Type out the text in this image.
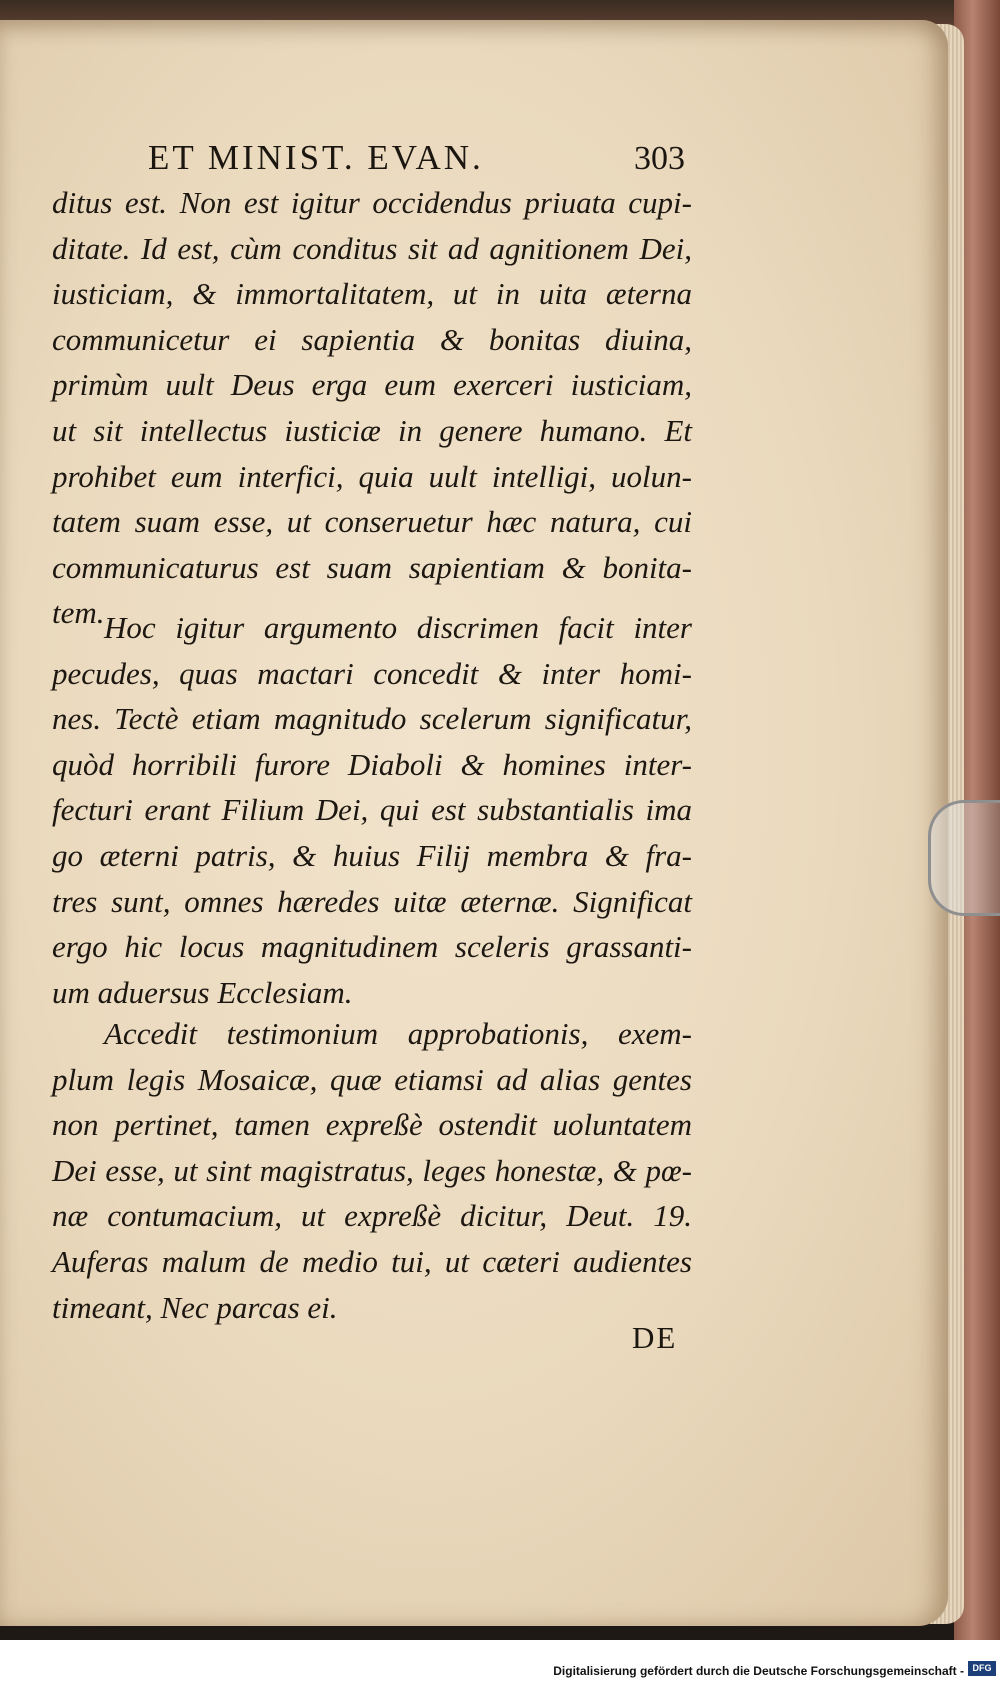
ET MINIST. EVAN.	303
ditus est. Non est igitur occidendus priuata cupi-
ditate. Id est, cùm conditus sit ad agnitionem Dei,
iusticiam, & immortalitatem, ut in uita æterna
communicetur ei sapientia & bonitas diuina,
primùm uult Deus erga eum exerceri iusticiam,
ut sit intellectus iusticiæ in genere humano. Et
prohibet eum interfici, quia uult intelligi, uolun-
tatem suam esse, ut conseruetur hæc natura, cui
communicaturus est suam sapientiam & bonita-
tem. Hoc igitur argumento discrimen facit inter
pecudes, quas mactari concedit & inter homi-
nes. Tectè etiam magnitudo scelerum significatur,
quòd horribili furore Diaboli & homines inter-
fecturi erant Filium Dei, qui est substantialis ima
go æterni patris, & huius Filij membra & fra-
tres sunt, omnes hæredes uitæ æternæ. Significat
ergo hic locus magnitudinem sceleris grassanti-
um aduersus Ecclesiam.
Accedit testimonium approbationis, exem-
plum legis Mosaicæ, quæ etiamsi ad alias gentes
non pertinet, tamen expreßè ostendit uoluntatem
Dei esse, ut sint magistratus, leges honestæ, & pœ-
næ contumacium, ut expreßè dicitur, Deut. 19.
Auferas malum de medio tui, ut cæteri audientes
timeant, Nec parcas ei.
DE
Digitalisierung gefördert durch die Deutsche Forschungsgemeinschaft - DFG
